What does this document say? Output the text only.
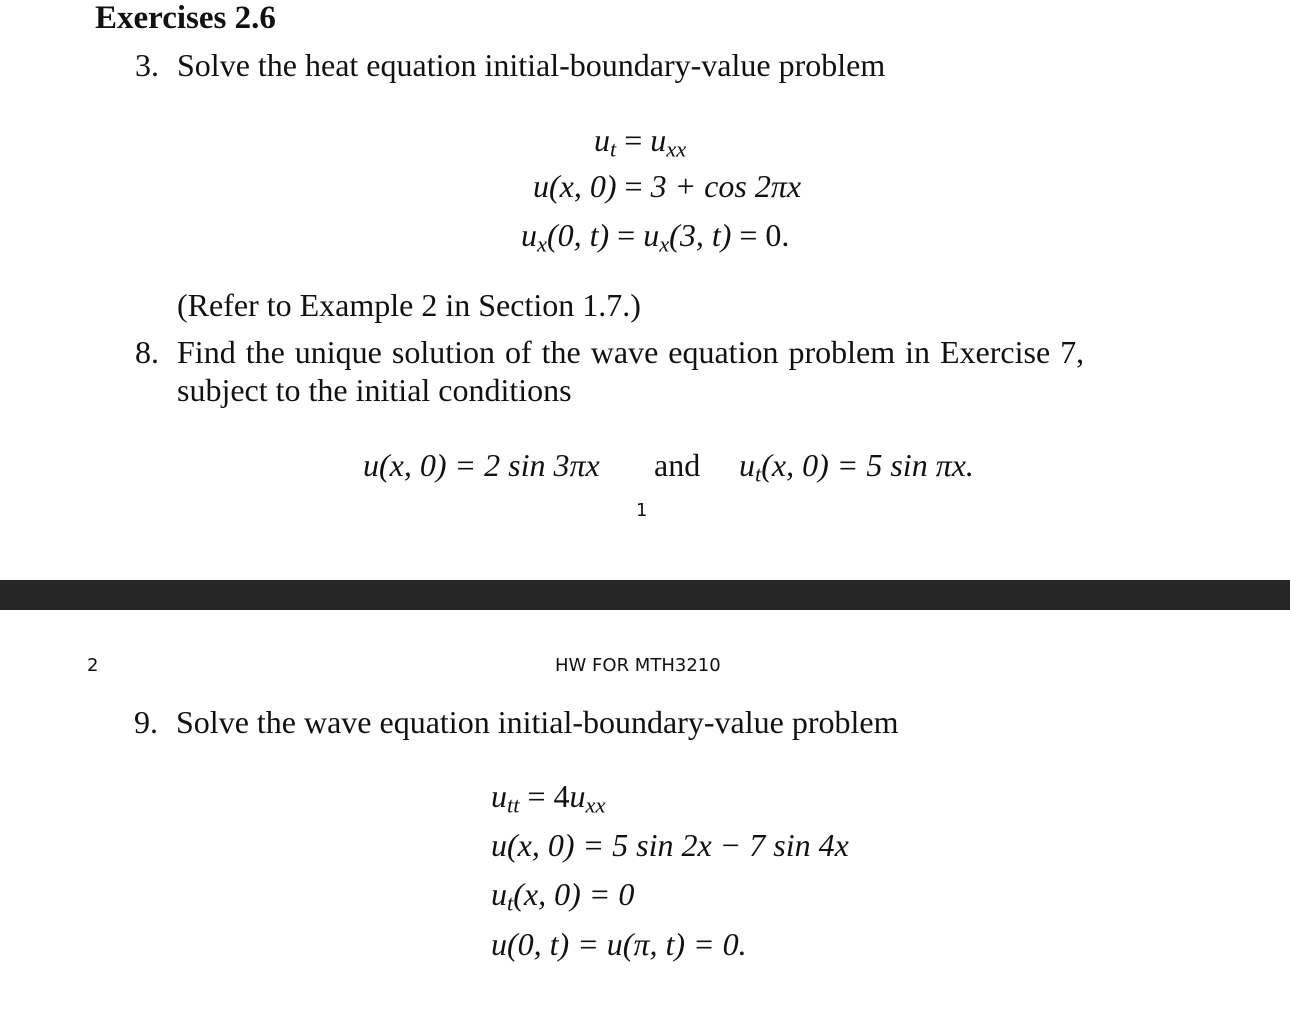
Exercises 2.6
3. Solve the heat equation initial-boundary-value problem
$u_t = u_{xx}$
u(x, 0) = 3 + cos 2πx
$u_x(0$, $t) = u_x(3$, t) = 0.
(Refer to Example 2 in Section 1.7.)
8. Find the unique solution of the wave equation problem in Exercise 7,
subject to the initial conditions
u(x, 0) = 2 sin 3πx and $u_t(x$, 0) = 5 sin πx.
1
2	HW FOR MTH3210
9. Solve the wave equation initial-boundary-value problem
$u_{tt} = 4u_{xx}$
u(x, 0) = 5 sin 2x − 7 sin 4x
$u_t(x$, 0) = 0
u(0, t) = u(π, t) = 0.
